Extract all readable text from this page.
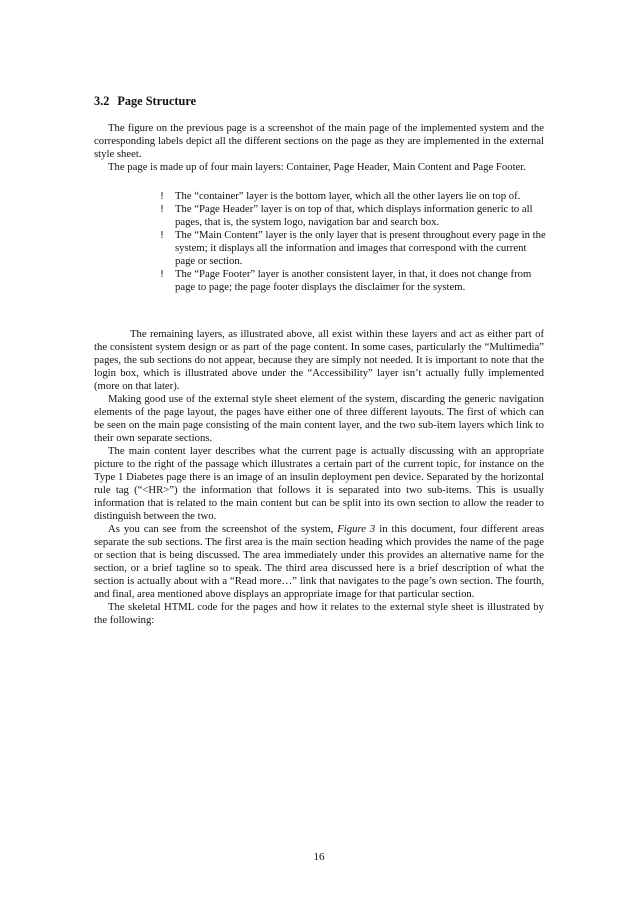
3.2 Page Structure

The figure on the previous page is a screenshot of the main page of the implemented system and the corresponding labels depict all the different sections on the page as they are implemented in the external style sheet.

The page is made up of four main layers: Container, Page Header, Main Content and Page Footer.

!	The “container” layer is the bottom layer, which all the other layers lie on top of.
!	The “Page Header” layer is on top of that, which displays information generic to all pages, that is, the system logo, navigation bar and search box.
!	The “Main Content” layer is the only layer that is present throughout every page in the system; it displays all the information and images that correspond with the current page or section.
!	The “Page Footer” layer is another consistent layer, in that, it does not change from page to page; the page footer displays the disclaimer for the system.

The remaining layers, as illustrated above, all exist within these layers and act as either part of the consistent system design or as part of the page content. In some cases, particularly the “Multimedia” pages, the sub sections do not appear, because they are simply not needed. It is important to note that the login box, which is illustrated above under the “Accessibility” layer isn’t actually fully implemented (more on that later).

Making good use of the external style sheet element of the system, discarding the generic navigation elements of the page layout, the pages have either one of three different layouts. The first of which can be seen on the main page consisting of the main content layer, and the two sub-item layers which link to their own separate sections.

The main content layer describes what the current page is actually discussing with an appropriate picture to the right of the passage which illustrates a certain part of the current topic, for instance on the Type 1 Diabetes page there is an image of an insulin deployment pen device. Separated by the horizontal rule tag (“<HR>”) the information that follows it is separated into two sub-items. This is usually information that is related to the main content but can be split into its own section to allow the reader to distinguish between the two.

As you can see from the screenshot of the system, Figure 3 in this document, four different areas separate the sub sections. The first area is the main section heading which provides the name of the page or section that is being discussed. The area immediately under this provides an alternative name for the section, or a brief tagline so to speak. The third area discussed here is a brief description of what the section is actually about with a “Read more…” link that navigates to the page’s own section. The fourth, and final, area mentioned above displays an appropriate image for that particular section.

The skeletal HTML code for the pages and how it relates to the external style sheet is illustrated by the following:

16
